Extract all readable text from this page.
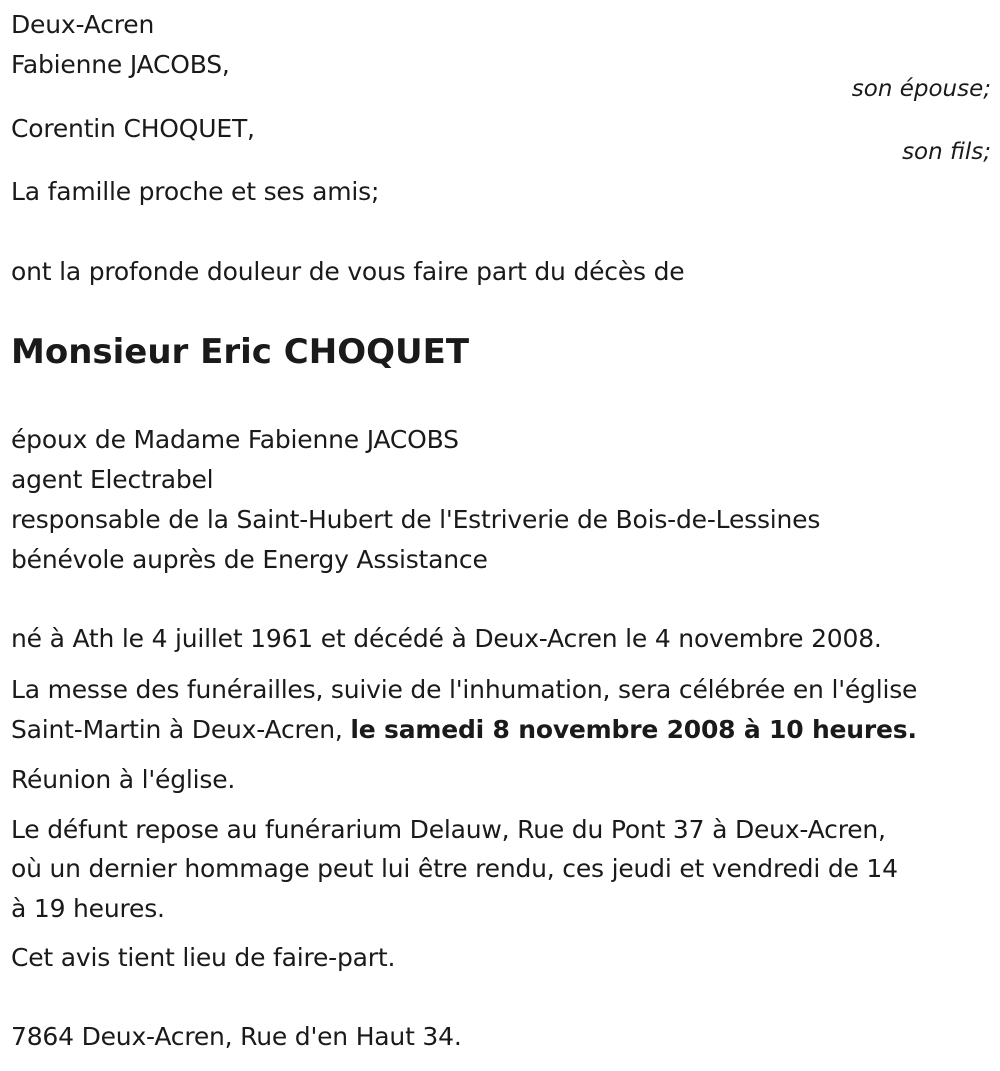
Deux-Acren
Fabienne JACOBS,
son épouse;
Corentin CHOQUET,
son fils;
La famille proche et ses amis;
ont la profonde douleur de vous faire part du décès de
Monsieur Eric CHOQUET
époux de Madame Fabienne JACOBS
agent Electrabel
responsable de la Saint-Hubert de l'Estriverie de Bois-de-Lessines
bénévole auprès de Energy Assistance
né à Ath le 4 juillet 1961 et décédé à Deux-Acren le 4 novembre 2008.
La messe des funérailles, suivie de l'inhumation, sera célébrée en l'église
Saint-Martin à Deux-Acren, le samedi 8 novembre 2008 à 10 heures.
Réunion à l'église.
Le défunt repose au funérarium Delauw, Rue du Pont 37 à Deux-Acren,
où un dernier hommage peut lui être rendu, ces jeudi et vendredi de 14
à 19 heures.
Cet avis tient lieu de faire-part.
7864 Deux-Acren, Rue d'en Haut 34.
